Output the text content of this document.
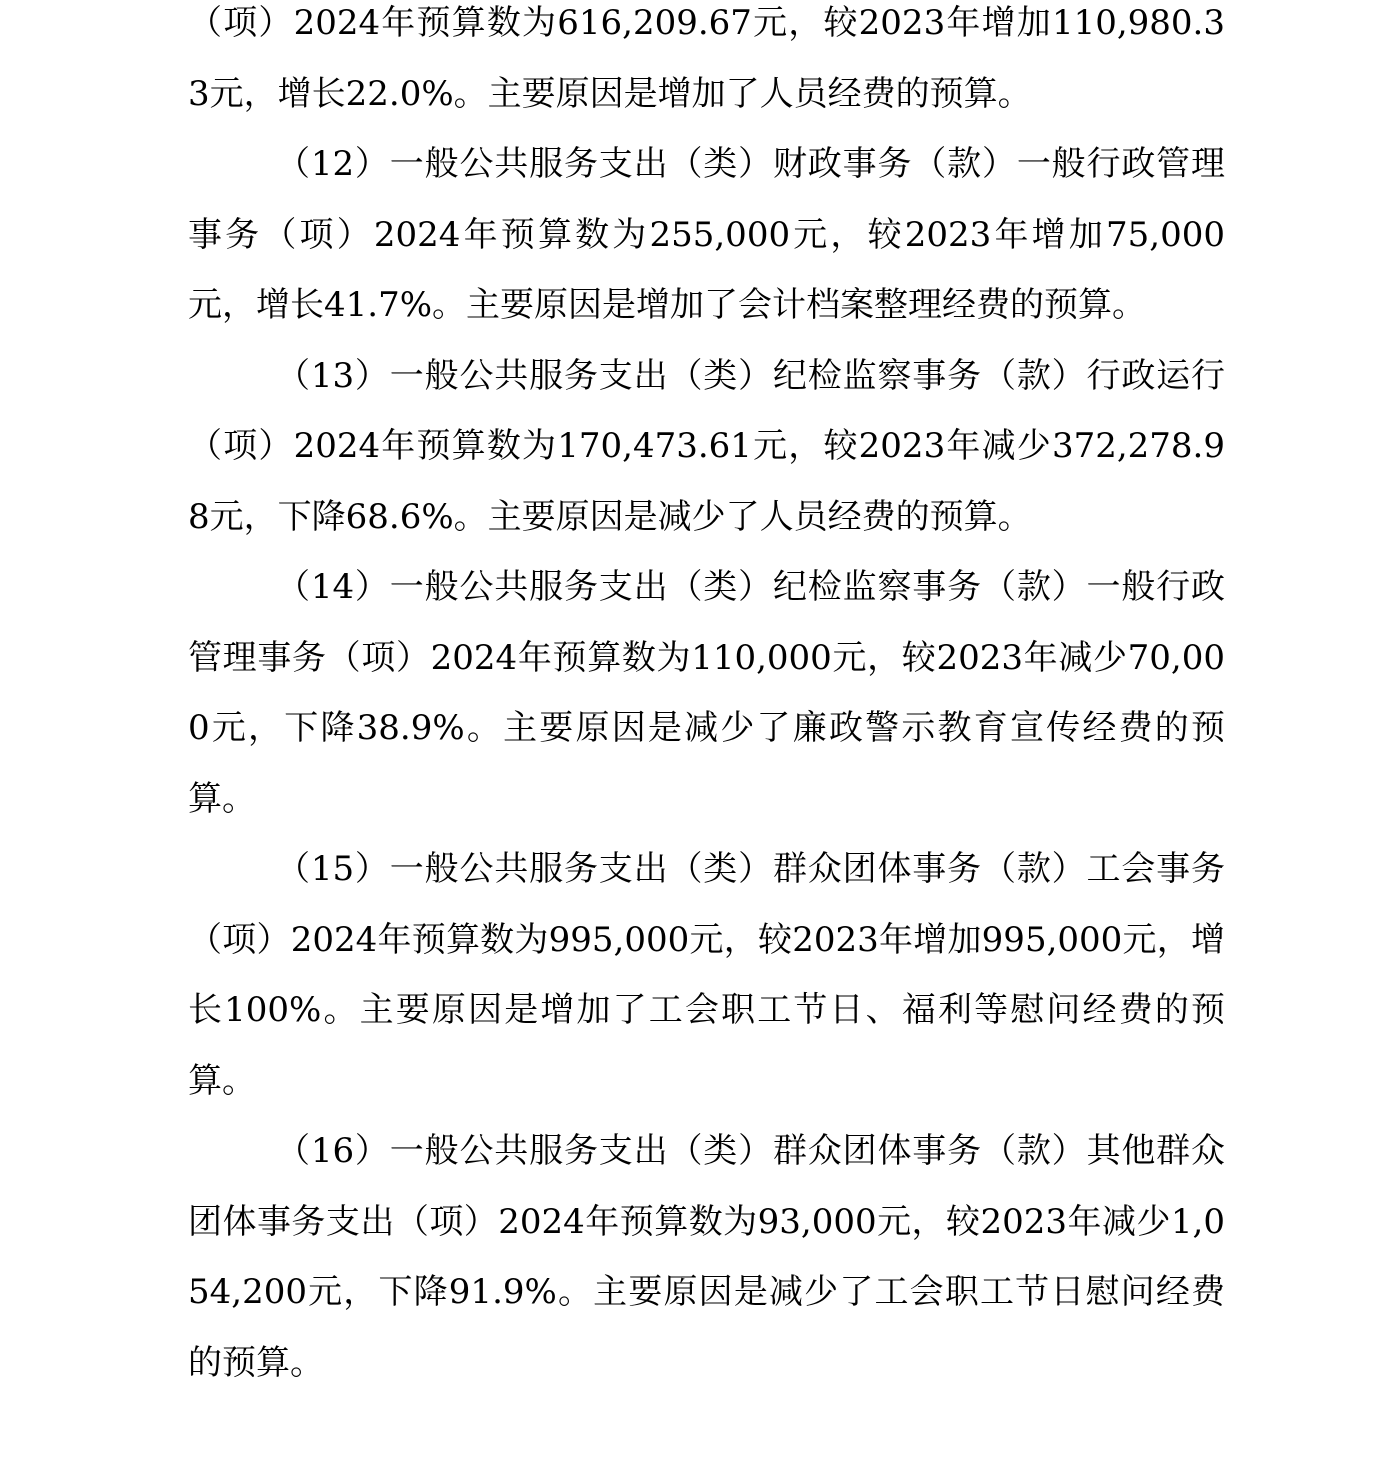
（项）2024年预算数为616,209.67元，较2023年增加110,980.33元，增长22.0%。主要原因是增加了人员经费的预算。

（12）一般公共服务支出（类）财政事务（款）一般行政管理事务（项）2024年预算数为255,000元，较2023年增加75,000元，增长41.7%。主要原因是增加了会计档案整理经费的预算。

（13）一般公共服务支出（类）纪检监察事务（款）行政运行（项）2024年预算数为170,473.61元，较2023年减少372,278.98元，下降68.6%。主要原因是减少了人员经费的预算。

（14）一般公共服务支出（类）纪检监察事务（款）一般行政管理事务（项）2024年预算数为110,000元，较2023年减少70,000元，下降38.9%。主要原因是减少了廉政警示教育宣传经费的预算。

（15）一般公共服务支出（类）群众团体事务（款）工会事务（项）2024年预算数为995,000元，较2023年增加995,000元，增长100%。主要原因是增加了工会职工节日、福利等慰问经费的预算。

（16）一般公共服务支出（类）群众团体事务（款）其他群众团体事务支出（项）2024年预算数为93,000元，较2023年减少1,054,200元，下降91.9%。主要原因是减少了工会职工节日慰问经费的预算。
